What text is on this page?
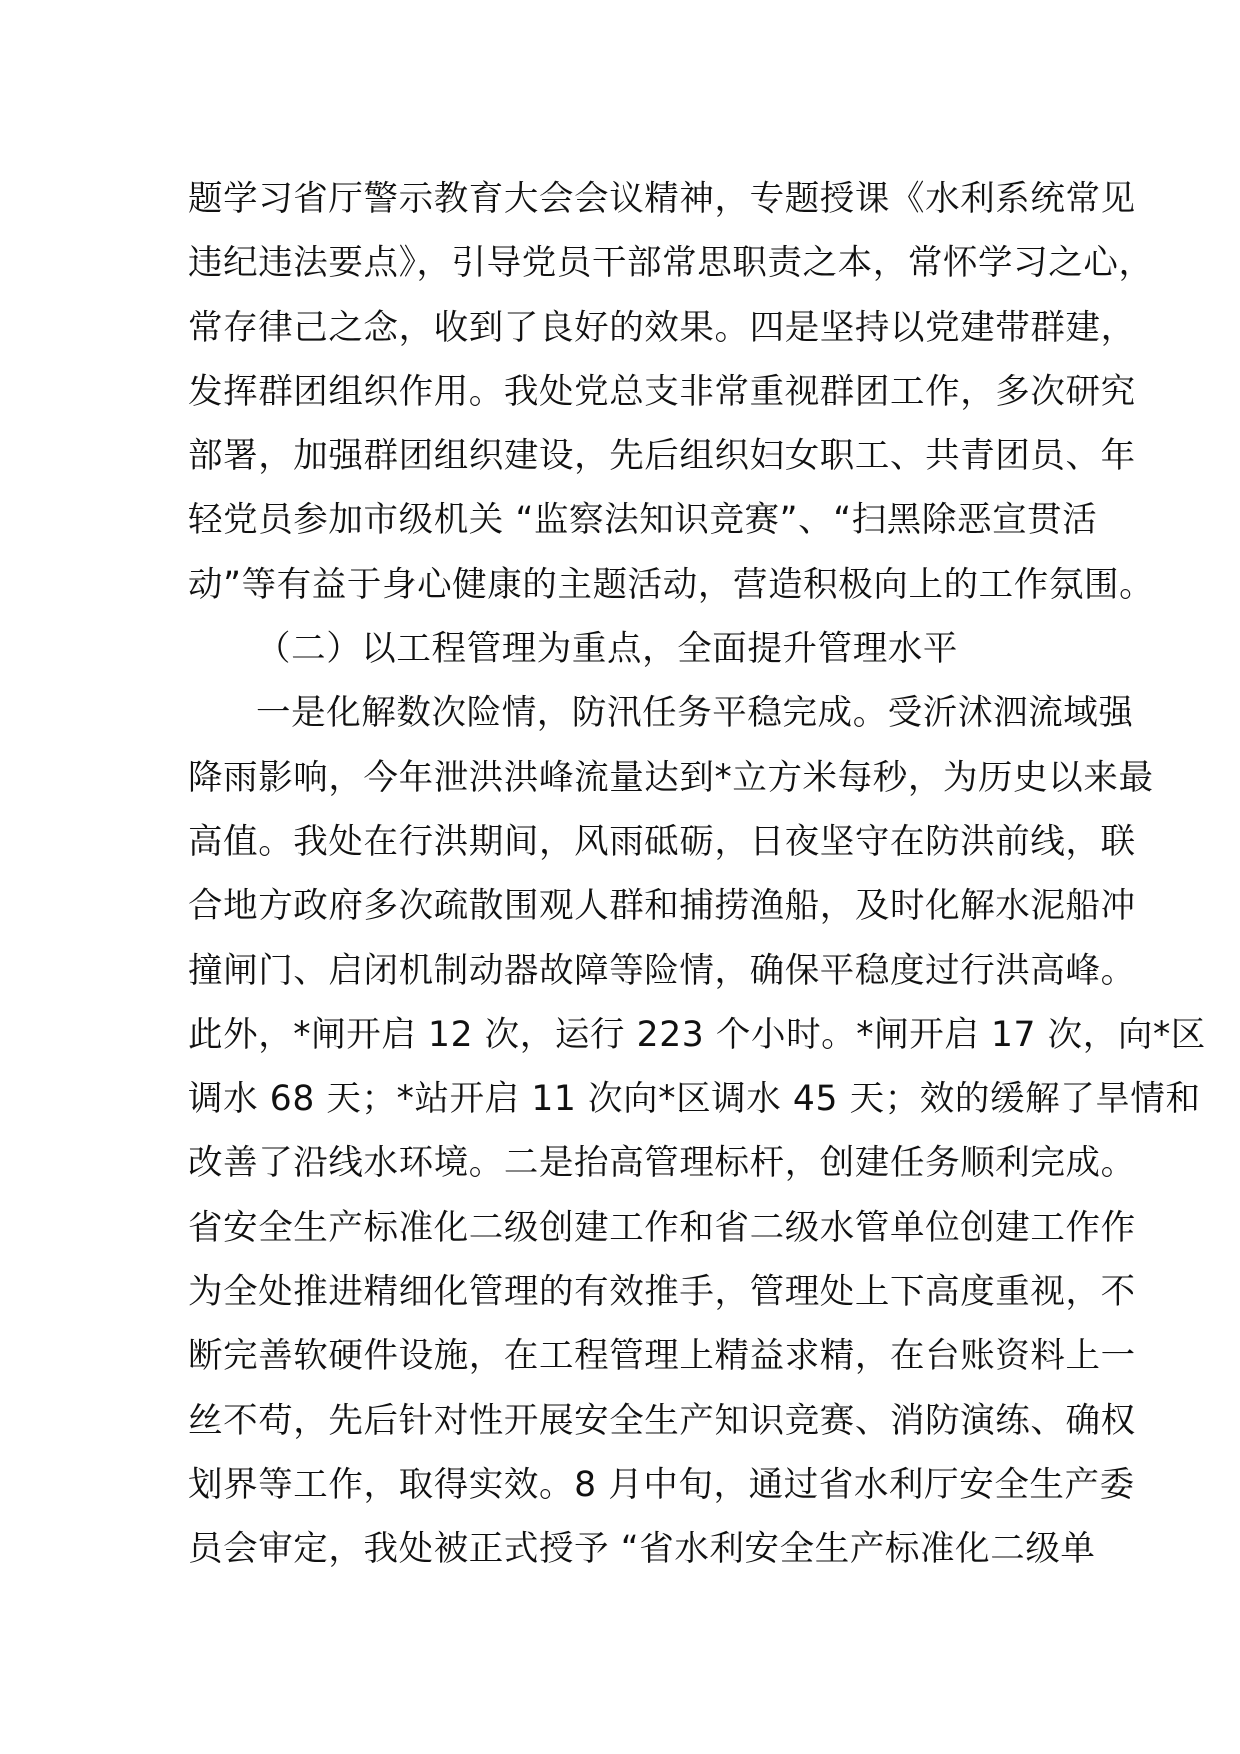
题学习省厅警示教育大会会议精神，专题授课《水利系统常见
违纪违法要点》，引导党员干部常思职责之本，常怀学习之心，
常存律己之念，收到了良好的效果。四是坚持以党建带群建，
发挥群团组织作用。我处党总支非常重视群团工作，多次研究
部署，加强群团组织建设，先后组织妇女职工、共青团员、年
轻党员参加市级机关 “监察法知识竞赛”、“扫黑除恶宣贯活
动”等有益于身心健康的主题活动，营造积极向上的工作氛围。
（二）以工程管理为重点，全面提升管理水平
一是化解数次险情，防汛任务平稳完成。受沂沭泗流域强
降雨影响，今年泄洪洪峰流量达到*立方米每秒，为历史以来最
高值。我处在行洪期间，风雨砥砺，日夜坚守在防洪前线，联
合地方政府多次疏散围观人群和捕捞渔船，及时化解水泥船冲
撞闸门、启闭机制动器故障等险情，确保平稳度过行洪高峰。
此外，*闸开启 12 次，运行 223 个小时。*闸开启 17 次，向*区
调水 68 天；*站开启 11 次向*区调水 45 天；效的缓解了旱情和
改善了沿线水环境。二是抬高管理标杆，创建任务顺利完成。
省安全生产标准化二级创建工作和省二级水管单位创建工作作
为全处推进精细化管理的有效推手，管理处上下高度重视，不
断完善软硬件设施，在工程管理上精益求精，在台账资料上一
丝不苟，先后针对性开展安全生产知识竞赛、消防演练、确权
划界等工作，取得实效。8 月中旬，通过省水利厅安全生产委
员会审定，我处被正式授予 “省水利安全生产标准化二级单
